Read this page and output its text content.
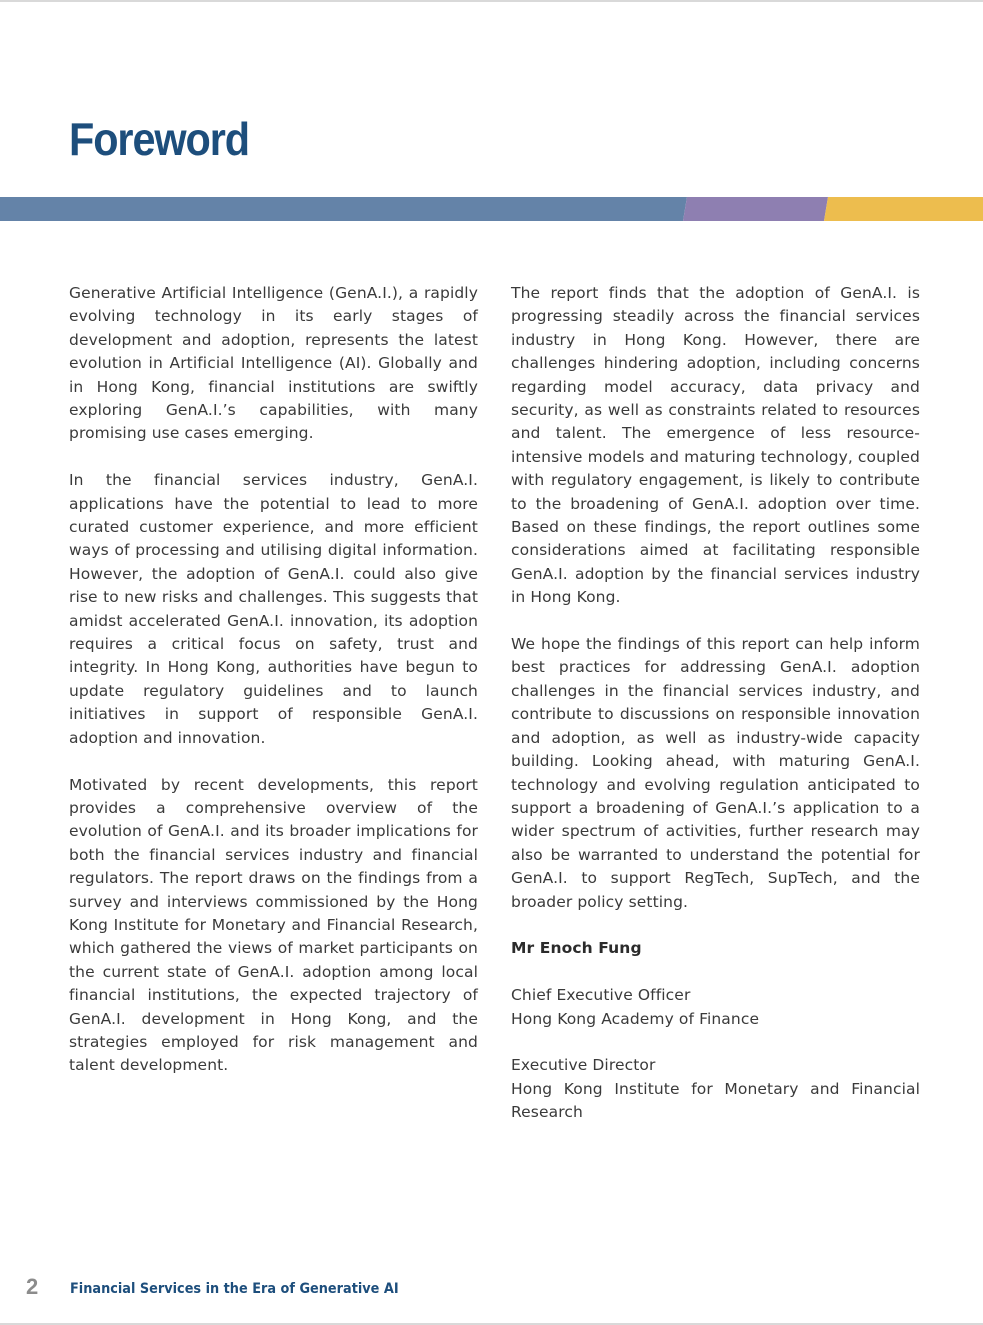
Foreword

Generative Artificial Intelligence (GenA.I.), a rapidly evolving technology in its early stages of development and adoption, represents the latest evolution in Artificial Intelligence (AI). Globally and in Hong Kong, financial institutions are swiftly exploring GenA.I.’s capabilities, with many promising use cases emerging.

In the financial services industry, GenA.I. applications have the potential to lead to more curated customer experience, and more efficient ways of processing and utilising digital information. However, the adoption of GenA.I. could also give rise to new risks and challenges. This suggests that amidst accelerated GenA.I. innovation, its adoption requires a critical focus on safety, trust and integrity. In Hong Kong, authorities have begun to update regulatory guidelines and to launch initiatives in support of responsible GenA.I. adoption and innovation.

Motivated by recent developments, this report provides a comprehensive overview of the evolution of GenA.I. and its broader implications for both the financial services industry and financial regulators. The report draws on the findings from a survey and interviews commissioned by the Hong Kong Institute for Monetary and Financial Research, which gathered the views of market participants on the current state of GenA.I. adoption among local financial institutions, the expected trajectory of GenA.I. development in Hong Kong, and the strategies employed for risk management and talent development.

The report finds that the adoption of GenA.I. is progressing steadily across the financial services industry in Hong Kong. However, there are challenges hindering adoption, including concerns regarding model accuracy, data privacy and security, as well as constraints related to resources and talent. The emergence of less resource-intensive models and maturing technology, coupled with regulatory engagement, is likely to contribute to the broadening of GenA.I. adoption over time. Based on these findings, the report outlines some considerations aimed at facilitating responsible GenA.I. adoption by the financial services industry in Hong Kong.

We hope the findings of this report can help inform best practices for addressing GenA.I. adoption challenges in the financial services industry, and contribute to discussions on responsible innovation and adoption, as well as industry-wide capacity building. Looking ahead, with maturing GenA.I. technology and evolving regulation anticipated to support a broadening of GenA.I.’s application to a wider spectrum of activities, further research may also be warranted to understand the potential for GenA.I. to support RegTech, SupTech, and the broader policy setting.

Mr Enoch Fung

Chief Executive Officer
Hong Kong Academy of Finance

Executive Director
Hong Kong Institute for Monetary and Financial Research

2 Financial Services in the Era of Generative AI
